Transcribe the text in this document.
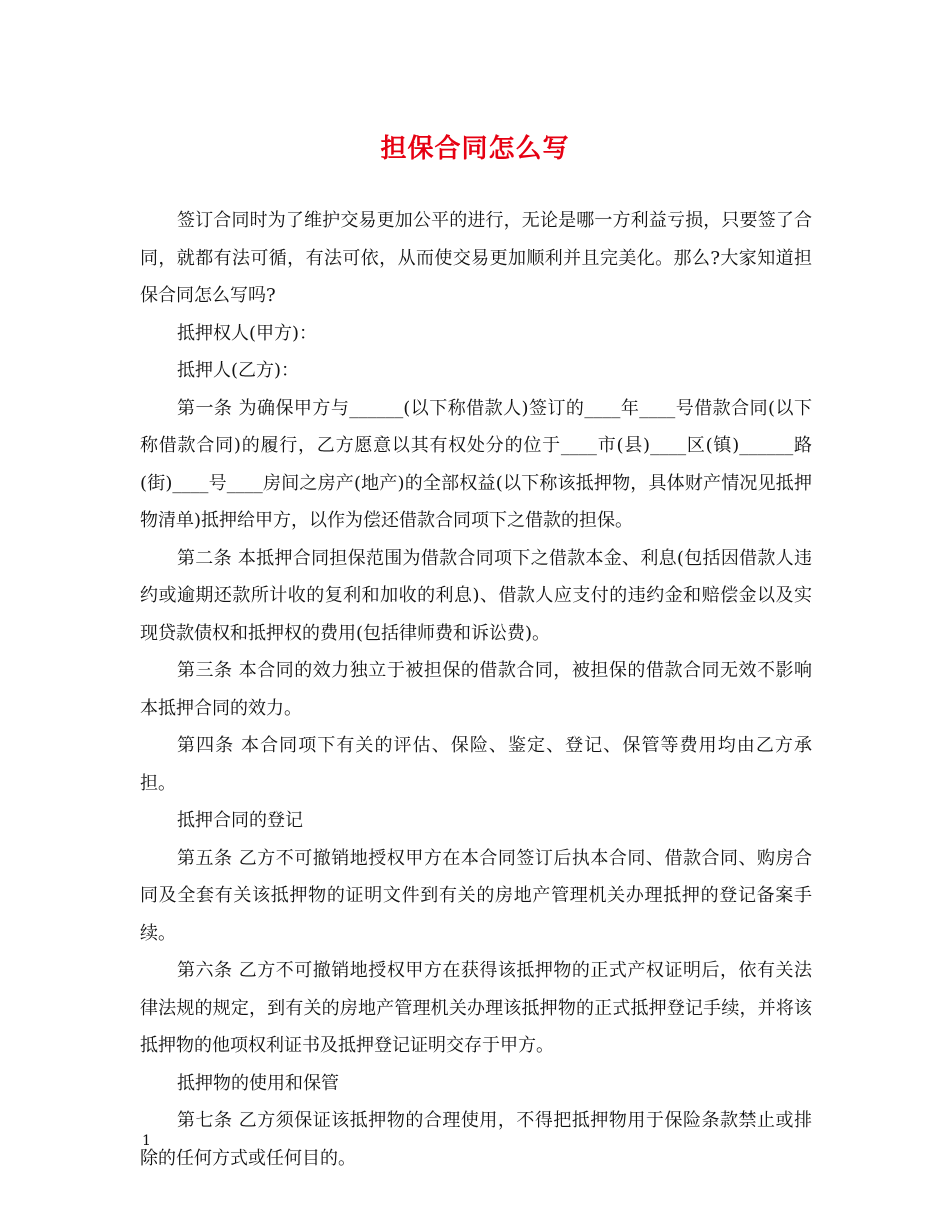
担保合同怎么写

签订合同时为了维护交易更加公平的进行，无论是哪一方利益亏损，只要签了合同，就都有法可循，有法可依，从而使交易更加顺利并且完美化。那么?大家知道担保合同怎么写吗?

抵押权人(甲方)：

抵押人(乙方)：

第一条 为确保甲方与______(以下称借款人)签订的____年____号借款合同(以下称借款合同)的履行，乙方愿意以其有权处分的位于____市(县)____区(镇)______路(街)____号____房间之房产(地产)的全部权益(以下称该抵押物，具体财产情况见抵押物清单)抵押给甲方，以作为偿还借款合同项下之借款的担保。

第二条 本抵押合同担保范围为借款合同项下之借款本金、利息(包括因借款人违约或逾期还款所计收的复利和加收的利息)、借款人应支付的违约金和赔偿金以及实现贷款债权和抵押权的费用(包括律师费和诉讼费)。

第三条 本合同的效力独立于被担保的借款合同，被担保的借款合同无效不影响本抵押合同的效力。

第四条 本合同项下有关的评估、保险、鉴定、登记、保管等费用均由乙方承担。

抵押合同的登记

第五条 乙方不可撤销地授权甲方在本合同签订后执本合同、借款合同、购房合同及全套有关该抵押物的证明文件到有关的房地产管理机关办理抵押的登记备案手续。

第六条 乙方不可撤销地授权甲方在获得该抵押物的正式产权证明后，依有关法律法规的规定，到有关的房地产管理机关办理该抵押物的正式抵押登记手续，并将该抵押物的他项权利证书及抵押登记证明交存于甲方。

抵押物的使用和保管

第七条 乙方须保证该抵押物的合理使用，不得把抵押物用于保险条款禁止或排除的任何方式或任何目的。

1
